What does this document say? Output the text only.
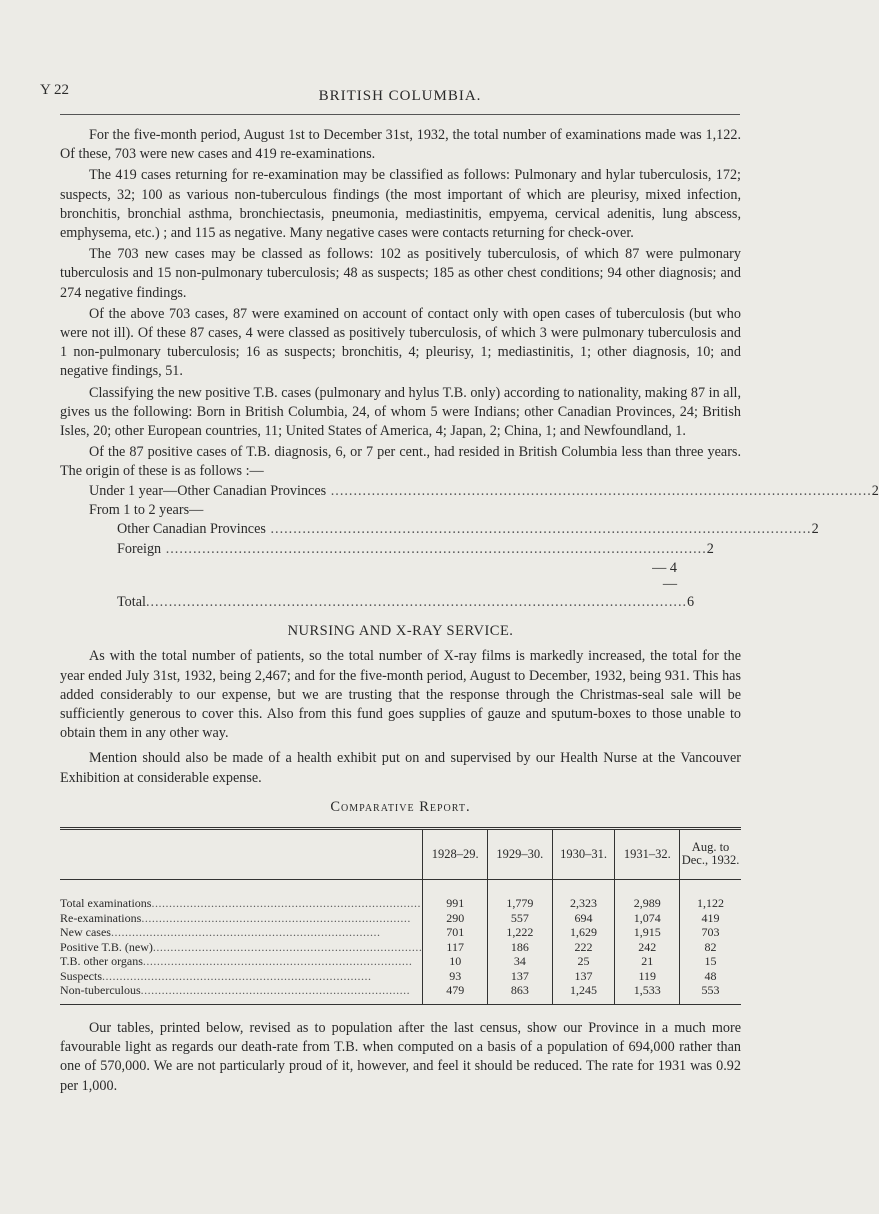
Y 22	BRITISH COLUMBIA.

For the five-month period, August 1st to December 31st, 1932, the total number of examinations made was 1,122. Of these, 703 were new cases and 419 re-examinations.

The 419 cases returning for re-examination may be classified as follows: Pulmonary and hylar tuberculosis, 172; suspects, 32; 100 as various non-tuberculous findings (the most important of which are pleurisy, mixed infection, bronchitis, bronchial asthma, bronchiectasis, pneumonia, mediastinitis, empyema, cervical adenitis, lung abscess, emphysema, etc.) ; and 115 as negative. Many negative cases were contacts returning for check-over.

The 703 new cases may be classed as follows: 102 as positively tuberculosis, of which 87 were pulmonary tuberculosis and 15 non-pulmonary tuberculosis; 48 as suspects; 185 as other chest conditions; 94 other diagnosis; and 274 negative findings.

Of the above 703 cases, 87 were examined on account of contact only with open cases of tuberculosis (but who were not ill). Of these 87 cases, 4 were classed as positively tuberculosis, of which 3 were pulmonary tuberculosis and 1 non-pulmonary tuberculosis; 16 as suspects; bronchitis, 4; pleurisy, 1; mediastinitis, 1; other diagnosis, 10; and negative findings, 51.

Classifying the new positive T.B. cases (pulmonary and hylus T.B. only) according to nationality, making 87 in all, gives us the following: Born in British Columbia, 24, of whom 5 were Indians; other Canadian Provinces, 24; British Isles, 20; other European countries, 11; United States of America, 4; Japan, 2; China, 1; and Newfoundland, 1.

Of the 87 positive cases of T.B. diagnosis, 6, or 7 per cent., had resided in British Columbia less than three years. The origin of these is as follows :—

Under 1 year—Other Canadian Provinces ....................................................................................................................... 2
From 1 to 2 years—
Other Canadian Provinces ....................................................................................................................... 2
Foreign ....................................................................................................................... 2
— 4
—
Total ....................................................................................................................... 6
NURSING AND X-RAY SERVICE.

As with the total number of patients, so the total number of X-ray films is markedly increased, the total for the year ended July 31st, 1932, being 2,467; and for the five-month period, August to December, 1932, being 931. This has added considerably to our expense, but we are trusting that the response through the Christmas-seal sale will be sufficiently generous to cover this. Also from this fund goes supplies of gauze and sputum-boxes to those unable to obtain them in any other way.

Mention should also be made of a health exhibit put on and supervised by our Health Nurse at the Vancouver Exhibition at considerable expense.

Comparative Report.
	1928–29.	1929–30.	1930–31.	1931–32.	Aug. to Dec., 1932.

Total examinations .............................................................................	991	1,779	2,323	2,989	1,122

Re-examinations .............................................................................	290	557	694	1,074	419

New cases .............................................................................	701	1,222	1,629	1,915	703

Positive T.B. (new) .............................................................................	117	186	222	242	82

T.B. other organs .............................................................................	10	34	25	21	15

Suspects .............................................................................	93	137	137	119	48

Non-tuberculous .............................................................................	479	863	1,245	1,533	553

Our tables, printed below, revised as to population after the last census, show our Province in a much more favourable light as regards our death-rate from T.B. when computed on a basis of a population of 694,000 rather than one of 570,000. We are not particularly proud of it, however, and feel it should be reduced. The rate for 1931 was 0.92 per 1,000.
